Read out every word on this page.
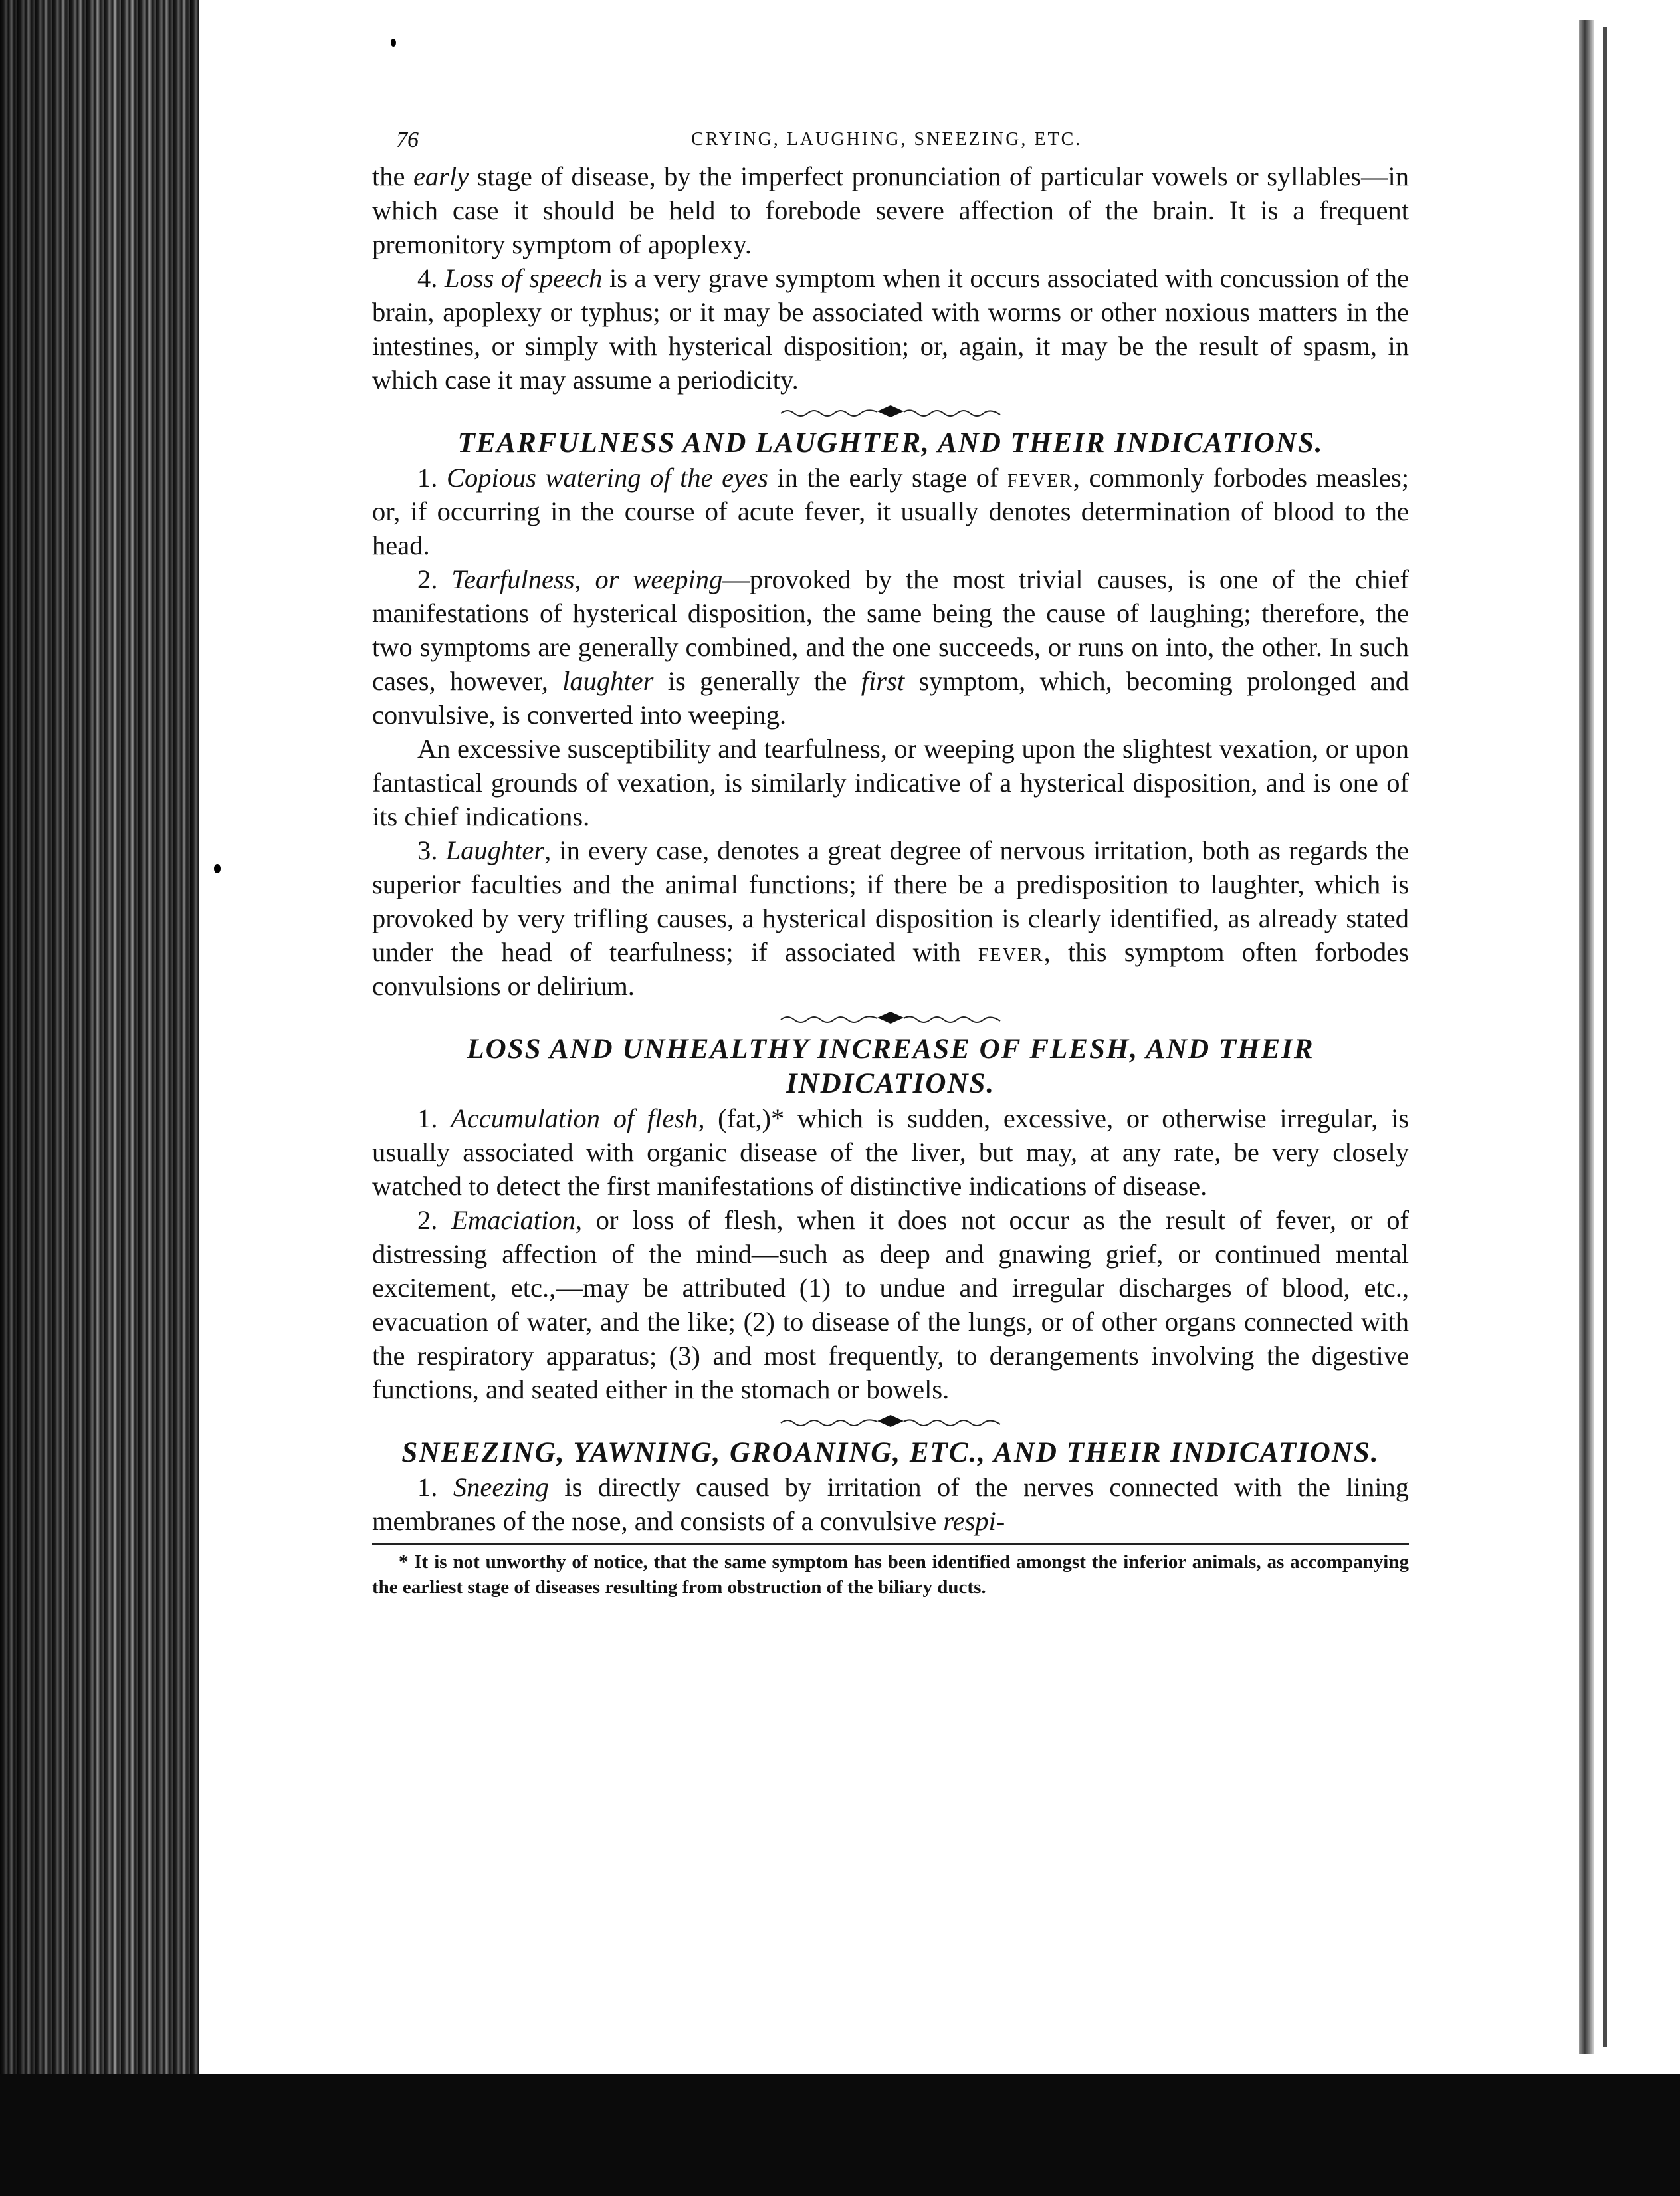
76	CRYING, LAUGHING, SNEEZING, ETC.

the early stage of disease, by the imperfect pronunciation of particular vowels or syllables—in which case it should be held to forebode severe affection of the brain. It is a frequent premonitory symptom of apoplexy.

4. Loss of speech is a very grave symptom when it occurs associated with concussion of the brain, apoplexy or typhus; or it may be associated with worms or other noxious matters in the intestines, or simply with hysterical disposition; or, again, it may be the result of spasm, in which case it may assume a periodicity.

TEARFULNESS AND LAUGHTER, AND THEIR INDICATIONS.

1. Copious watering of the eyes in the early stage of fever, commonly forbodes measles; or, if occurring in the course of acute fever, it usually denotes determination of blood to the head.

2. Tearfulness, or weeping—provoked by the most trivial causes, is one of the chief manifestations of hysterical disposition, the same being the cause of laughing; therefore, the two symptoms are generally combined, and the one succeeds, or runs on into, the other. In such cases, however, laughter is generally the first symptom, which, becoming prolonged and convulsive, is converted into weeping.

An excessive susceptibility and tearfulness, or weeping upon the slightest vexation, or upon fantastical grounds of vexation, is similarly indicative of a hysterical disposition, and is one of its chief indications.

3. Laughter, in every case, denotes a great degree of nervous irritation, both as regards the superior faculties and the animal functions; if there be a predisposition to laughter, which is provoked by very trifling causes, a hysterical disposition is clearly identified, as already stated under the head of tearfulness; if associated with fever, this symptom often forbodes convulsions or delirium.

LOSS AND UNHEALTHY INCREASE OF FLESH, AND THEIR INDICATIONS.

1. Accumulation of flesh, (fat,)* which is sudden, excessive, or otherwise irregular, is usually associated with organic disease of the liver, but may, at any rate, be very closely watched to detect the first manifestations of distinctive indications of disease.

2. Emaciation, or loss of flesh, when it does not occur as the result of fever, or of distressing affection of the mind—such as deep and gnawing grief, or continued mental excitement, etc.,—may be attributed (1) to undue and irregular discharges of blood, etc., evacuation of water, and the like; (2) to disease of the lungs, or of other organs connected with the respiratory apparatus; (3) and most frequently, to derangements involving the digestive functions, and seated either in the stomach or bowels.

SNEEZING, YAWNING, GROANING, ETC., AND THEIR INDICATIONS.

1. Sneezing is directly caused by irritation of the nerves connected with the lining membranes of the nose, and consists of a convulsive respi-

* It is not unworthy of notice, that the same symptom has been identified amongst the inferior animals, as accompanying the earliest stage of diseases resulting from obstruction of the biliary ducts.
